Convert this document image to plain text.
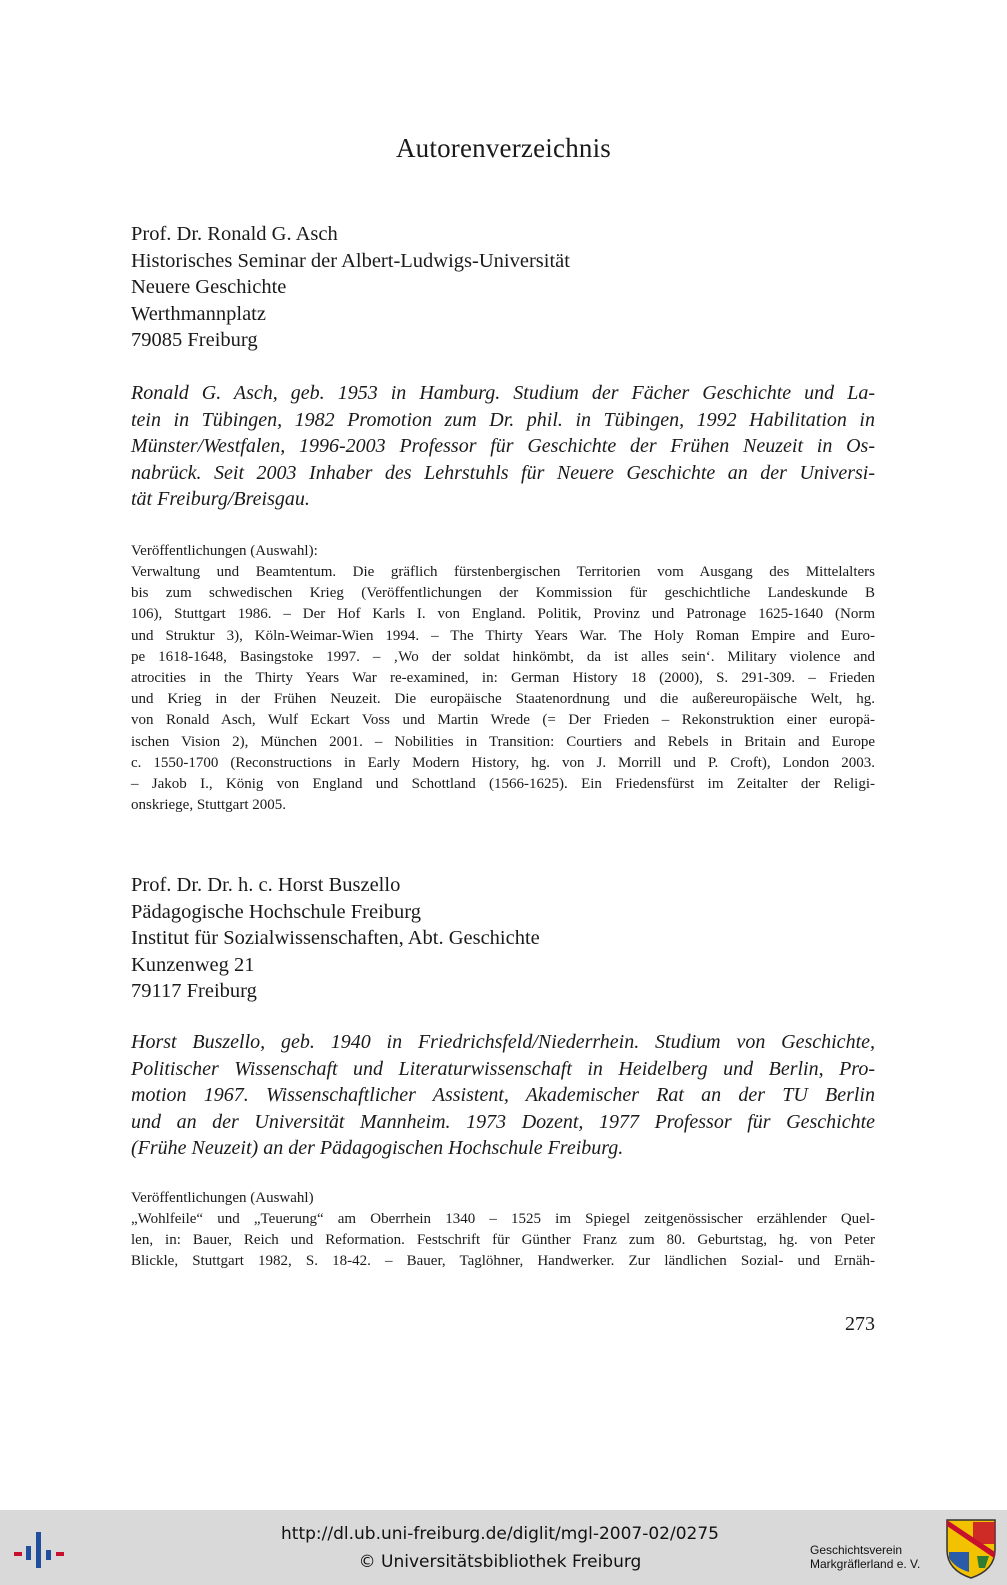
Autorenverzeichnis
Prof. Dr. Ronald G. Asch
Historisches Seminar der Albert-Ludwigs-Universität
Neuere Geschichte
Werthmannplatz
79085 Freiburg
Ronald G. Asch, geb. 1953 in Hamburg. Studium der Fächer Geschichte und La-
tein in Tübingen, 1982 Promotion zum Dr. phil. in Tübingen, 1992 Habilitation in
Münster/Westfalen, 1996-2003 Professor für Geschichte der Frühen Neuzeit in Os-
nabrück. Seit 2003 Inhaber des Lehrstuhls für Neuere Geschichte an der Universi-
tät Freiburg/Breisgau.
Veröffentlichungen (Auswahl):
Verwaltung und Beamtentum. Die gräflich fürstenbergischen Territorien vom Ausgang des Mittelalters
bis zum schwedischen Krieg (Veröffentlichungen der Kommission für geschichtliche Landeskunde B
106), Stuttgart 1986. – Der Hof Karls I. von England. Politik, Provinz und Patronage 1625-1640 (Norm
und Struktur 3), Köln-Weimar-Wien 1994. – The Thirty Years War. The Holy Roman Empire and Euro-
pe 1618-1648, Basingstoke 1997. – ‚Wo der soldat hinkömbt, da ist alles sein‘. Military violence and
atrocities in the Thirty Years War re-examined, in: German History 18 (2000), S. 291-309. – Frieden
und Krieg in der Frühen Neuzeit. Die europäische Staatenordnung und die außereuropäische Welt, hg.
von Ronald Asch, Wulf Eckart Voss und Martin Wrede (= Der Frieden – Rekonstruktion einer europä-
ischen Vision 2), München 2001. – Nobilities in Transition: Courtiers and Rebels in Britain and Europe
c. 1550-1700 (Reconstructions in Early Modern History, hg. von J. Morrill und P. Croft), London 2003.
– Jakob I., König von England und Schottland (1566-1625). Ein Friedensfürst im Zeitalter der Religi-
onskriege, Stuttgart 2005.
Prof. Dr. Dr. h. c. Horst Buszello
Pädagogische Hochschule Freiburg
Institut für Sozialwissenschaften, Abt. Geschichte
Kunzenweg 21
79117 Freiburg
Horst Buszello, geb. 1940 in Friedrichsfeld/Niederrhein. Studium von Geschichte,
Politischer Wissenschaft und Literaturwissenschaft in Heidelberg und Berlin, Pro-
motion 1967. Wissenschaftlicher Assistent, Akademischer Rat an der TU Berlin
und an der Universität Mannheim. 1973 Dozent, 1977 Professor für Geschichte
(Frühe Neuzeit) an der Pädagogischen Hochschule Freiburg.
Veröffentlichungen (Auswahl)
„Wohlfeile“ und „Teuerung“ am Oberrhein 1340 – 1525 im Spiegel zeitgenössischer erzählender Quel-
len, in: Bauer, Reich und Reformation. Festschrift für Günther Franz zum 80. Geburtstag, hg. von Peter
Blickle, Stuttgart 1982, S. 18-42. – Bauer, Taglöhner, Handwerker. Zur ländlichen Sozial- und Ernäh-
273
http://dl.ub.uni-freiburg.de/diglit/mgl-2007-02/0275
© Universitätsbibliothek Freiburg
Geschichtsverein
Markgräflerland e. V.
